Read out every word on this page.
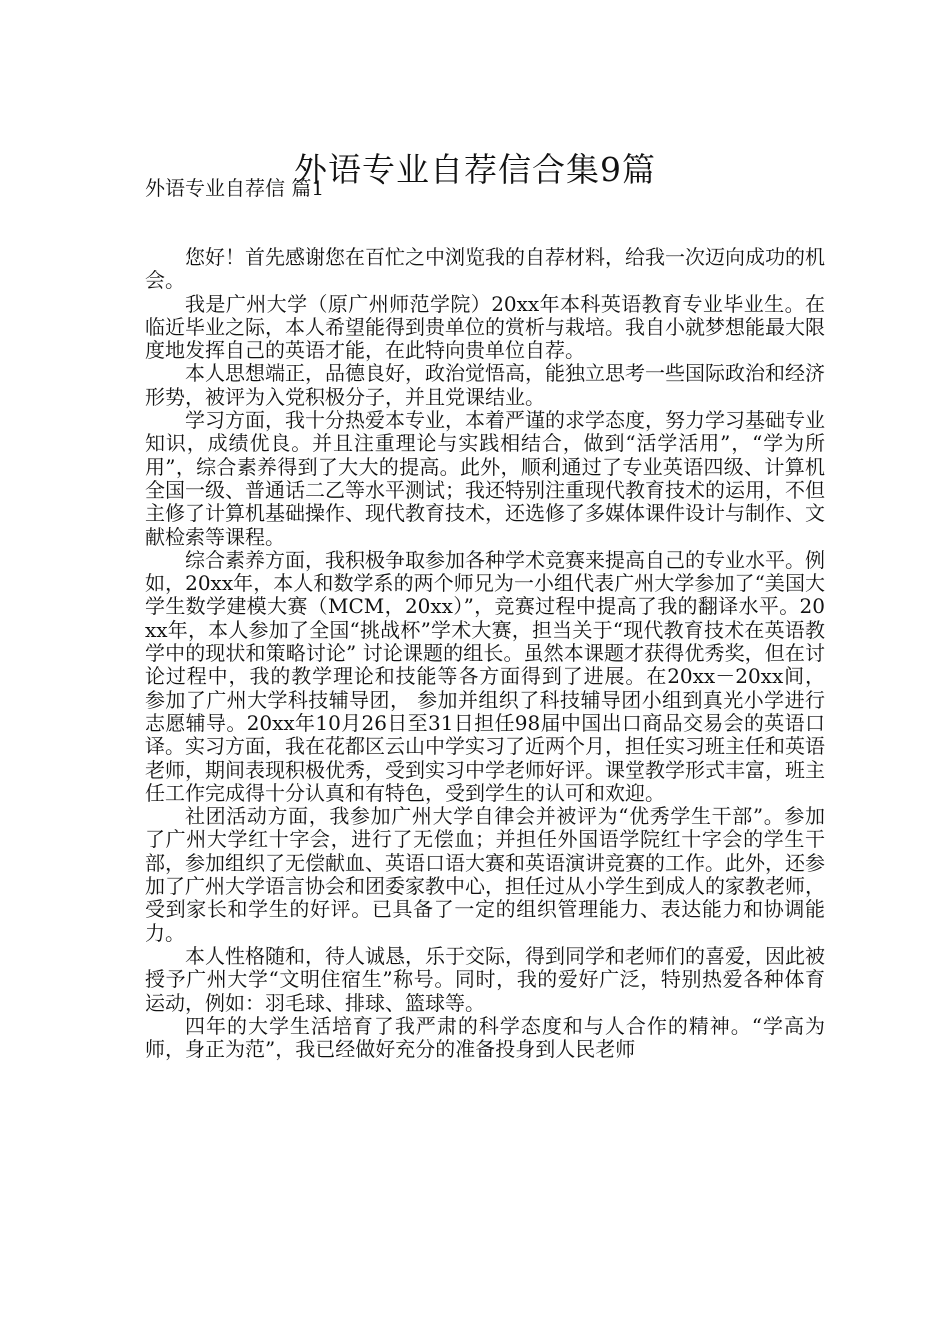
外语专业自荐信合集9篇
外语专业自荐信 篇1

您好！首先感谢您在百忙之中浏览我的自荐材料，给我一次迈向成功的机会。

我是广州大学（原广州师范学院）20xx年本科英语教育专业毕业生。在临近毕业之际，本人希望能得到贵单位的赏析与栽培。我自小就梦想能最大限度地发挥自己的英语才能，在此特向贵单位自荐。

本人思想端正，品德良好，政治觉悟高，能独立思考一些国际政治和经济形势，被评为入党积极分子，并且党课结业。

学习方面，我十分热爱本专业，本着严谨的求学态度，努力学习基础专业知识，成绩优良。并且注重理论与实践相结合，做到“活学活用”，“学为所用”，综合素养得到了大大的提高。此外，顺利通过了专业英语四级、计算机全国一级、普通话二乙等水平测试；我还特别注重现代教育技术的运用，不但主修了计算机基础操作、现代教育技术，还选修了多媒体课件设计与制作、文献检索等课程。

综合素养方面，我积极争取参加各种学术竞赛来提高自己的专业水平。例如，20xx年，本人和数学系的两个师兄为一小组代表广州大学参加了“美国大学生数学建模大赛（MCM，20xx）”，竞赛过程中提高了我的翻译水平。20xx年，本人参加了全国“挑战杯”学术大赛，担当关于“现代教育技术在英语教学中的现状和策略讨论” 讨论课题的组长。虽然本课题才获得优秀奖，但在讨论过程中，我的教学理论和技能等各方面得到了进展。在20xx－20xx间， 参加了广州大学科技辅导团， 参加并组织了科技辅导团小组到真光小学进行志愿辅导。20xx年10月26日至31日担任98届中国出口商品交易会的英语口译。实习方面，我在花都区云山中学实习了近两个月，担任实习班主任和英语老师，期间表现积极优秀，受到实习中学老师好评。课堂教学形式丰富，班主任工作完成得十分认真和有特色，受到学生的认可和欢迎。

社团活动方面，我参加广州大学自律会并被评为“优秀学生干部”。参加了广州大学红十字会，进行了无偿血；并担任外国语学院红十字会的学生干部，参加组织了无偿献血、英语口语大赛和英语演讲竞赛的工作。此外，还参加了广州大学语言协会和团委家教中心，担任过从小学生到成人的家教老师，受到家长和学生的好评。已具备了一定的组织管理能力、表达能力和协调能力。

本人性格随和，待人诚恳，乐于交际，得到同学和老师们的喜爱，因此被授予广州大学“文明住宿生”称号。同时，我的爱好广泛，特别热爱各种体育运动，例如：羽毛球、排球、篮球等。

四年的大学生活培育了我严肃的科学态度和与人合作的精神。“学高为师，身正为范”，我已经做好充分的准备投身到人民老师
